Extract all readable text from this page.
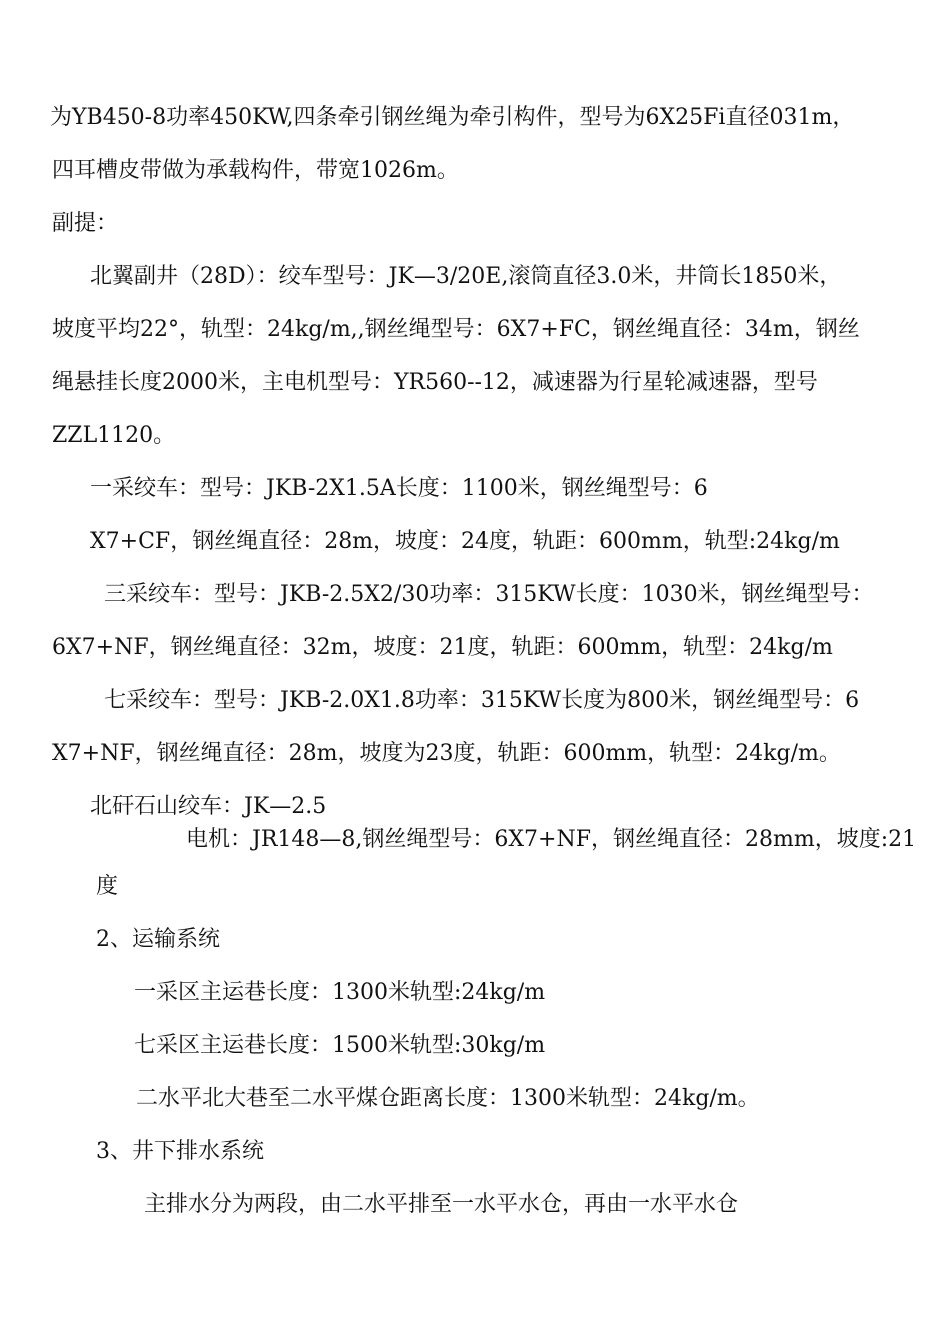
为YB450-8功率450KW,四条牵引钢丝绳为牵引构件，型号为6X25Fi直径031m，
四耳槽皮带做为承载构件，带宽1026m。
副提：
北翼副井（28D）：绞车型号：JK—3/20E,滚筒直径3.0米，井筒长1850米，
坡度平均22°，轨型：24kg/m,,钢丝绳型号：6X7+FC，钢丝绳直径：34m，钢丝
绳悬挂长度2000米，主电机型号：YR560--12，减速器为行星轮减速器，型号
ZZL1120。
一采绞车：型号：JKB-2X1.5A长度：1100米，钢丝绳型号：6
X7+CF，钢丝绳直径：28m，坡度：24度，轨距：600mm，轨型:24kg/m
三采绞车：型号：JKB-2.5X2/30功率：315KW长度：1030米，钢丝绳型号：
6X7+NF，钢丝绳直径：32m，坡度：21度，轨距：600mm，轨型：24kg/m
七采绞车：型号：JKB-2.0X1.8功率：315KW长度为800米，钢丝绳型号：6
X7+NF，钢丝绳直径：28m，坡度为23度，轨距：600mm，轨型：24kg/m。
北矸石山绞车：JK—2.5
电机：JR148—8,钢丝绳型号：6X7+NF，钢丝绳直径：28mm，坡度:21
度
2、运输系统
一采区主运巷长度：1300米轨型:24kg/m
七采区主运巷长度：1500米轨型:30kg/m
二水平北大巷至二水平煤仓距离长度：1300米轨型：24kg/m。
3、井下排水系统
主排水分为两段，由二水平排至一水平水仓，再由一水平水仓
